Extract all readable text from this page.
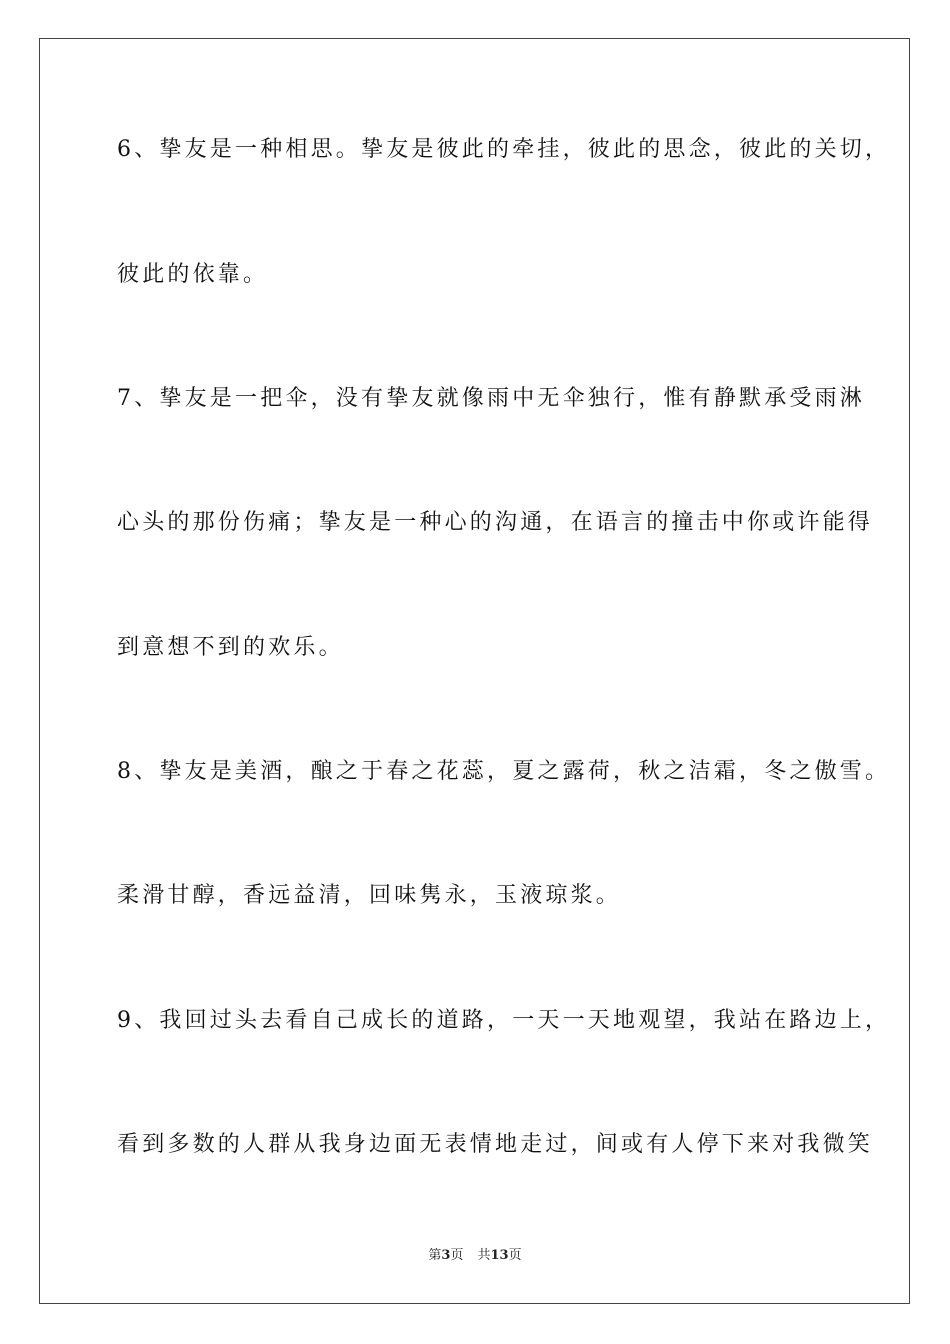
6、挚友是一种相思。挚友是彼此的牵挂，彼此的思念，彼此的关切，
彼此的依靠。
7、挚友是一把伞，没有挚友就像雨中无伞独行，惟有静默承受雨淋
心头的那份伤痛；挚友是一种心的沟通，在语言的撞击中你或许能得
到意想不到的欢乐。
8、挚友是美酒，酿之于春之花蕊，夏之露荷，秋之洁霜，冬之傲雪。
柔滑甘醇，香远益清，回味隽永，玉液琼浆。
9、我回过头去看自己成长的道路，一天一天地观望，我站在路边上，
看到多数的人群从我身边面无表情地走过，间或有人停下来对我微笑
第3页 共13页
